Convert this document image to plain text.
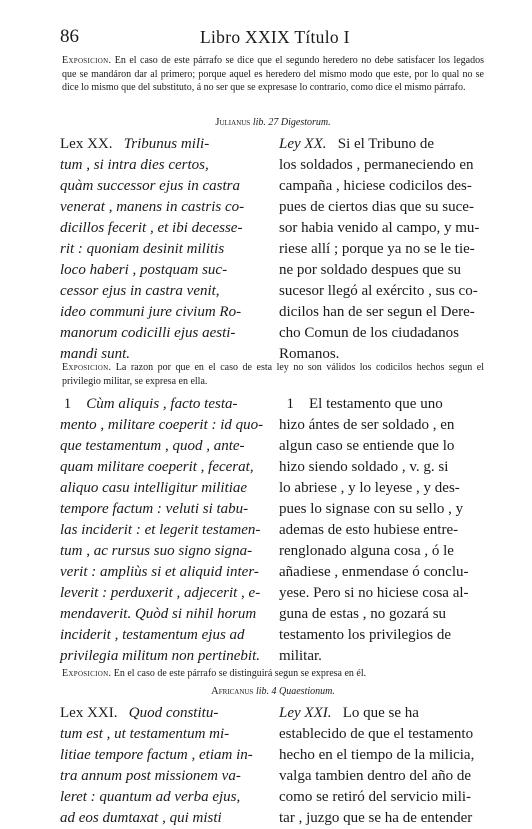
86	Libro XXIX Título I
Exposicion. En el caso de este párrafo se dice que el segundo heredero no debe satisfacer los legados que se mandáron dar al primero; porque aquel es heredero del mismo modo que este, por lo qual no se dice lo mismo que del substituto, á no ser que se expresase lo contrario, como dice el mismo párrafo.
Julianus lib. 27 Digestorum.
Lex XX. Tribunus mili-
tum , si intra dies certos,
quàm successor ejus in castra
venerat , manens in castris co-
dicillos fecerit , et ibi decesse-
rit : quoniam desinit militis
loco haberi , postquam suc-
cessor ejus in castra venit,
ideo communi jure civium Ro-
manorum codicilli ejus aesti-
mandi sunt.
Ley XX. Si el Tribuno de
los soldados , permaneciendo en
campaña , hiciese codicilos des-
pues de ciertos dias que su suce-
sor habia venido al campo, y mu-
riese allí ; porque ya no se le tie-
ne por soldado despues que su
sucesor llegó al exército , sus co-
dicilos han de ser segun el Dere-
cho Comun de los ciudadanos
Romanos.
Exposicion. La razon por que en el caso de esta ley no son válidos los codicilos hechos segun el privilegio militar, se expresa en ella.
1 Cùm aliquis , facto testa-
mento , militare coeperit : id quo-
que testamentum , quod , ante-
quam militare coeperit , fecerat,
aliquo casu intelligitur militiae
tempore factum : veluti si tabu-
las inciderit : et legerit testamen-
tum , ac rursus suo signo signa-
verit : ampliùs si et aliquid inter-
leverit : perduxerit , adjecerit , e-
mendaverit. Quòd si nihil horum
inciderit , testamentum ejus ad
privilegia militum non pertinebit.
1 El testamento que uno
hizo ántes de ser soldado , en
algun caso se entiende que lo
hizo siendo soldado , v. g. si
lo abriese , y lo leyese , y des-
pues lo signase con su sello , y
ademas de esto hubiese entre-
renglonado alguna cosa , ó le
añadiese , enmendase ó conclu-
yese. Pero si no hiciese cosa al-
guna de estas , no gozará su
testamento los privilegios de
militar.
Exposicion. En el caso de este párrafo se distinguirá segun se expresa en él.
Africanus lib. 4 Quaestionum.
Lex XXI. Quod constitu-
tum est , ut testamentum mi-
litiae tempore factum , etiam in-
tra annum post missionem va-
leret : quantum ad verba ejus,
ad eos dumtaxat , qui misti
Ley XXI. Lo que se ha
establecido de que el testamento
hecho en el tiempo de la milicia,
valga tambien dentro del año de
como se retiró del servicio mili-
tar , juzgo que se ha de entender
